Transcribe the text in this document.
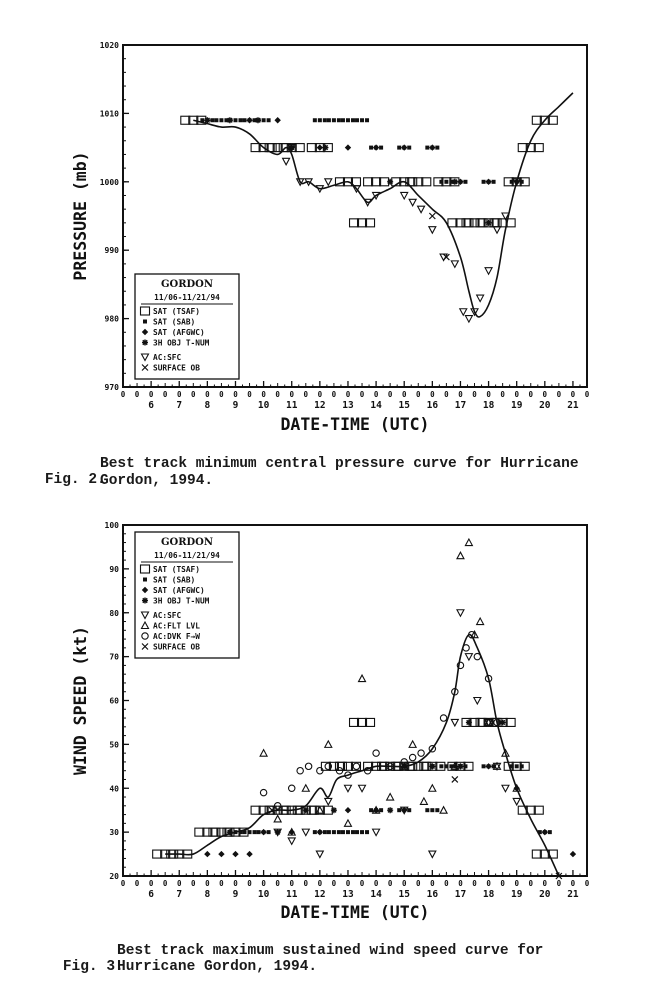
6 7 8 9 10 11 12 13 14 15 16 17 18 19 20 21
0 0 0 0 0 0 0 0 0 0 0 0 0 0 0 0 0 0 0 0 0 0 0 0 0 0 0 0 0 0 0 0 0 0
DATE-TIME (UTC)
970
980
990
1000
1010
1020
PRESSURE (mb)
GORDON
11/06-11/21/94
SAT (TSAF)
SAT (SAB)
SAT (AFGWC)
3H OBJ T-NUM
AC:SFC
SURFACE OB

Fig. 2.

Best track minimum central pressure curve for Hurricane
Gordon, 1994.
6 7 8 9 10 11 12 13 14 15 16 17 18 19 20 21
0 0 0 0 0 0 0 0 0 0 0 0 0 0 0 0 0 0 0 0 0 0 0 0 0 0 0 0 0 0 0 0 0 0
DATE-TIME (UTC)
20
30
40
50
60
70
80
90
100
WIND SPEED (kt)
GORDON
11/06-11/21/94
SAT (TSAF)
SAT (SAB)
SAT (AFGWC)
3H OBJ T-NUM
AC:SFC
AC:FLT LVL
AC:DVK F→W
SURFACE OB

Fig. 3.

Best track maximum sustained wind speed curve for
Hurricane Gordon, 1994.
